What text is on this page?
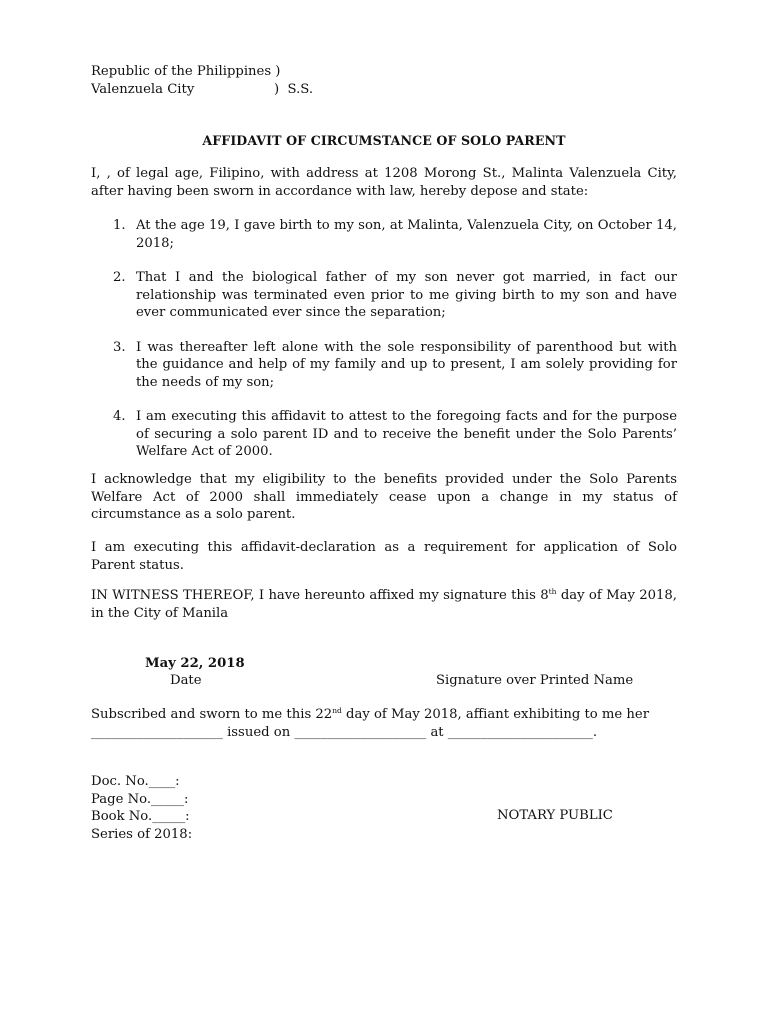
Republic of the Philippines )
Valenzuela City	)  S.S.
AFFIDAVIT OF CIRCUMSTANCE OF SOLO PARENT
I, , of legal age, Filipino, with address at 1208 Morong St., Malinta Valenzuela City, after having been sworn in accordance with law, hereby depose and state:
1. At the age 19, I gave birth to my son, at Malinta, Valenzuela City, on October 14, 2018;
2. That I and the biological father of my son never got married, in fact our relationship was terminated even prior to me giving birth to my son and have ever communicated ever since the separation;
3. I was thereafter left alone with the sole responsibility of parenthood but with the guidance and help of my family and up to present, I am solely providing for the needs of my son;
4. I am executing this affidavit to attest to the foregoing facts and for the purpose of securing a solo parent ID and to receive the benefit under the Solo Parents’ Welfare Act of 2000.
I acknowledge that my eligibility to the benefits provided under the Solo Parents Welfare Act of 2000 shall immediately cease upon a change in my status of circumstance as a solo parent.
I am executing this affidavit-declaration as a requirement for application of Solo Parent status.
IN WITNESS THEREOF, I have hereunto affixed my signature this 8th day of May 2018, in the City of Manila
May 22, 2018
Date	Signature over Printed Name
Subscribed and sworn to me this 22nd day of May 2018, affiant exhibiting to me her
____________________ issued on ____________________ at ______________________.
Doc. No.____:
Page No._____:
Book No._____:
Series of 2018:
NOTARY PUBLIC
